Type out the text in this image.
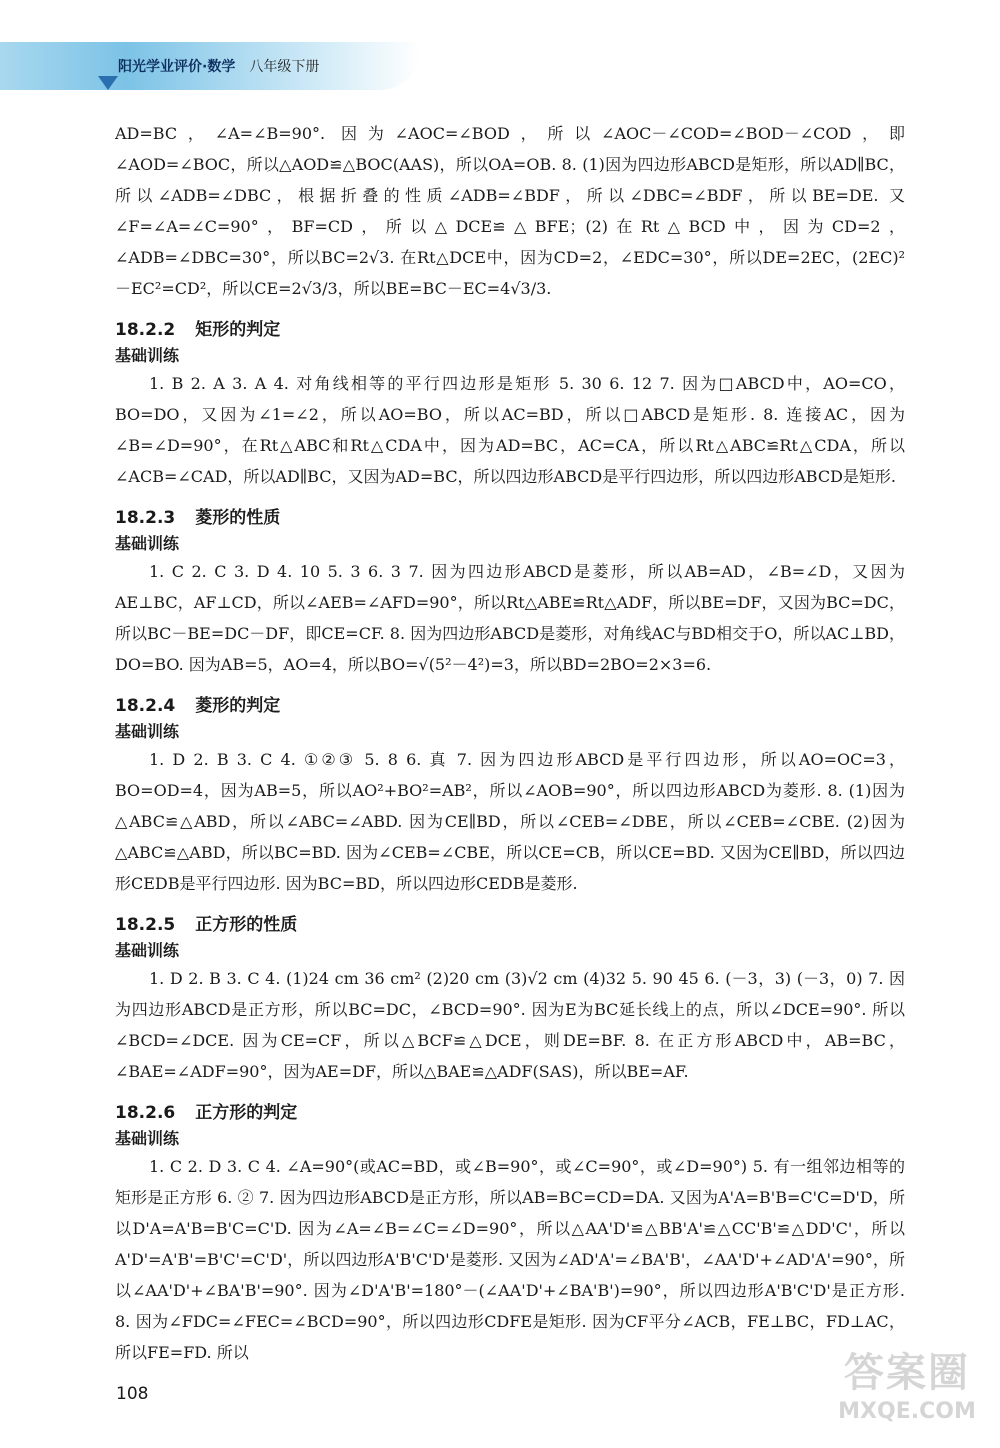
阳光学业评价·数学 八年级下册
AD=BC，∠A=∠B=90°. 因为∠AOC=∠BOD，所以∠AOC－∠COD=∠BOD－∠COD，即∠AOD=∠BOC，所以△AOD≌△BOC(AAS)，所以OA=OB. 8. (1)因为四边形ABCD是矩形，所以AD∥BC，所以∠ADB=∠DBC，根据折叠的性质∠ADB=∠BDF，所以∠DBC=∠BDF，所以BE=DE. 又∠F=∠A=∠C=90°，BF=CD，所以△DCE≌△BFE；(2)在Rt△BCD中，因为CD=2，∠ADB=∠DBC=30°，所以BC=2√3. 在Rt△DCE中，因为CD=2，∠EDC=30°，所以DE=2EC，(2EC)²－EC²=CD²，所以CE=2√3/3，所以BE=BC－EC=4√3/3.
18.2.2 矩形的判定
基础训练
1. B 2. A 3. A 4. 对角线相等的平行四边形是矩形 5. 30 6. 12 7. 因为□ABCD中，AO=CO，BO=DO，又因为∠1=∠2，所以AO=BO，所以AC=BD，所以□ABCD是矩形. 8. 连接AC，因为∠B=∠D=90°，在Rt△ABC和Rt△CDA中，因为AD=BC，AC=CA，所以Rt△ABC≌Rt△CDA，所以∠ACB=∠CAD，所以AD∥BC，又因为AD=BC，所以四边形ABCD是平行四边形，所以四边形ABCD是矩形.
18.2.3 菱形的性质
基础训练
1. C 2. C 3. D 4. 10 5. 3 6. 3 7. 因为四边形ABCD是菱形，所以AB=AD，∠B=∠D，又因为AE⊥BC，AF⊥CD，所以∠AEB=∠AFD=90°，所以Rt△ABE≌Rt△ADF，所以BE=DF，又因为BC=DC，所以BC－BE=DC－DF，即CE=CF. 8. 因为四边形ABCD是菱形，对角线AC与BD相交于O，所以AC⊥BD，DO=BO. 因为AB=5，AO=4，所以BO=√(5²－4²)=3，所以BD=2BO=2×3=6.
18.2.4 菱形的判定
基础训练
1. D 2. B 3. C 4. ①②③ 5. 8 6. 真 7. 因为四边形ABCD是平行四边形，所以AO=OC=3，BO=OD=4，因为AB=5，所以AO²+BO²=AB²，所以∠AOB=90°，所以四边形ABCD为菱形. 8. (1)因为△ABC≌△ABD，所以∠ABC=∠ABD. 因为CE∥BD，所以∠CEB=∠DBE，所以∠CEB=∠CBE. (2)因为△ABC≌△ABD，所以BC=BD. 因为∠CEB=∠CBE，所以CE=CB，所以CE=BD. 又因为CE∥BD，所以四边形CEDB是平行四边形. 因为BC=BD，所以四边形CEDB是菱形.
18.2.5 正方形的性质
基础训练
1. D 2. B 3. C 4. (1)24 cm 36 cm² (2)20 cm (3)√2 cm (4)32 5. 90 45 6. (－3，3) (－3，0) 7. 因为四边形ABCD是正方形，所以BC=DC，∠BCD=90°. 因为E为BC延长线上的点，所以∠DCE=90°. 所以∠BCD=∠DCE. 因为CE=CF，所以△BCF≌△DCE，则DE=BF. 8. 在正方形ABCD中，AB=BC，∠BAE=∠ADF=90°，因为AE=DF，所以△BAE≌△ADF(SAS)，所以BE=AF.
18.2.6 正方形的判定
基础训练
1. C 2. D 3. C 4. ∠A=90°(或AC=BD，或∠B=90°，或∠C=90°，或∠D=90°) 5. 有一组邻边相等的矩形是正方形 6. ② 7. 因为四边形ABCD是正方形，所以AB=BC=CD=DA. 又因为A'A=B'B=C'C=D'D，所以D'A=A'B=B'C=C'D. 因为∠A=∠B=∠C=∠D=90°，所以△AA'D'≌△BB'A'≌△CC'B'≌△DD'C'，所以A'D'=A'B'=B'C'=C'D'，所以四边形A'B'C'D'是菱形. 又因为∠AD'A'=∠BA'B'，∠AA'D'+∠AD'A'=90°，所以∠AA'D'+∠BA'B'=90°. 因为∠D'A'B'=180°－(∠AA'D'+∠BA'B')=90°，所以四边形A'B'C'D'是正方形. 8. 因为∠FDC=∠FEC=∠BCD=90°，所以四边形CDFE是矩形. 因为CF平分∠ACB，FE⊥BC，FD⊥AC，所以FE=FD. 所以
108	答案圈
MXQE.COM
